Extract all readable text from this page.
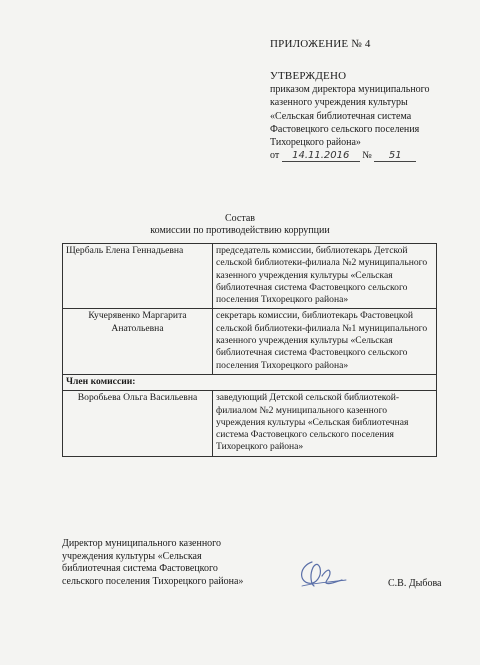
ПРИЛОЖЕНИЕ № 4
УТВЕРЖДЕНО
приказом директора муниципального
казенного учреждения культуры
«Сельская библиотечная система
Фастовецкого сельского поселения
Тихорецкого района»
от 14.11.2016 № 51
Состав
комиссии по противодействию коррупции
Щербаль Елена Геннадьевна	председатель комиссии, библиотекарь Детской сельской библиотеки-филиала №2 муниципального казенного учреждения культуры «Сельская библиотечная система Фастовецкого сельского поселения Тихорецкого района»
Кучерявенко Маргарита Анатольевна	секретарь комиссии, библиотекарь Фастовецкой сельской библиотеки-филиала №1 муниципального казенного учреждения культуры «Сельская библиотечная система Фастовецкого сельского поселения Тихорецкого района»
Член комиссии:	
Воробьева Ольга Васильевна	заведующий Детской сельской библиотекой-филиалом №2 муниципального казенного учреждения культуры «Сельская библиотечная система Фастовецкого сельского поселения Тихорецкого района»
Директор муниципального казенного
учреждения культуры «Сельская
библиотечная система Фастовецкого
сельского поселения Тихорецкого района»	С.В. Дыбова
